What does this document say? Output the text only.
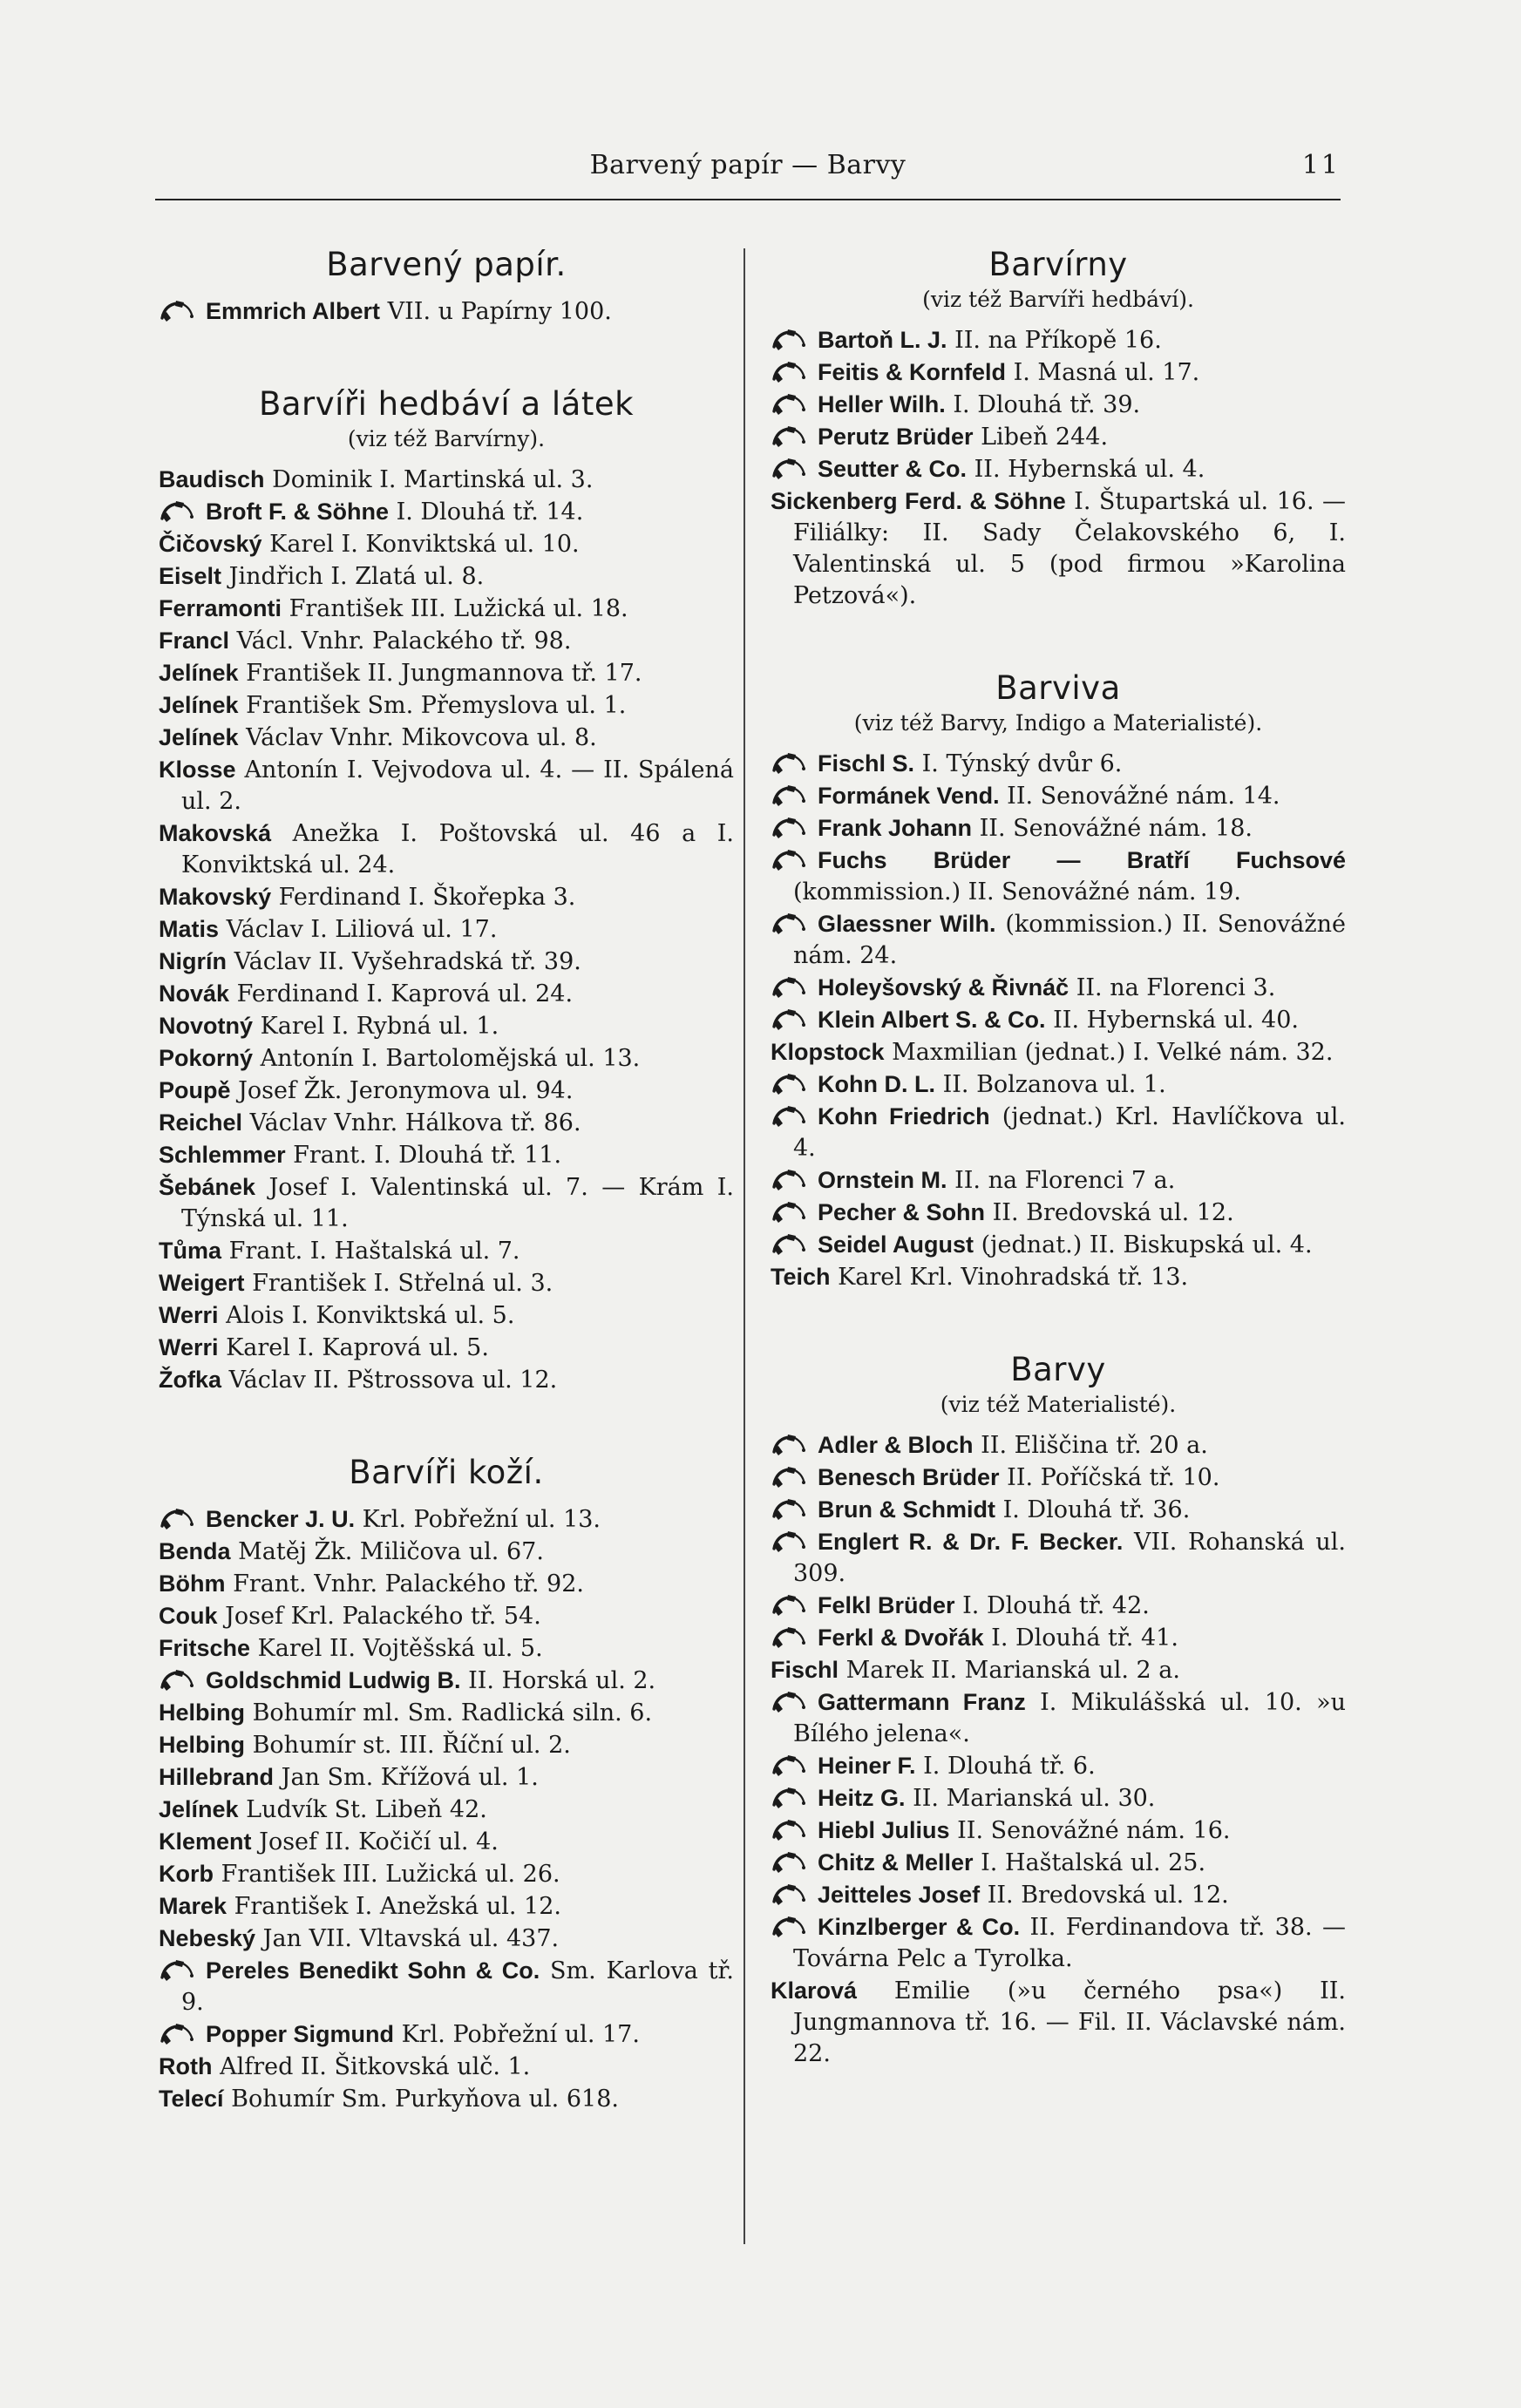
Barvený papír — Barvy	11
Barvený papír.
Emmrich Albert VII. u Papírny 100.
Barvíři hedbáví a látek
(viz též Barvírny).
Baudisch Dominik I. Martinská ul. 3.
Broft F. & Söhne I. Dlouhá tř. 14.
Čičovský Karel I. Konviktská ul. 10.
Eiselt Jindřich I. Zlatá ul. 8.
Ferramonti František III. Lužická ul. 18.
Francl Václ. Vnhr. Palackého tř. 98.
Jelínek František II. Jungmannova tř. 17.
Jelínek František Sm. Přemyslova ul. 1.
Jelínek Václav Vnhr. Mikovcova ul. 8.
Klosse Antonín I. Vejvodova ul. 4. — II. Spálená ul. 2.
Makovská Anežka I. Poštovská ul. 46 a I. Konviktská ul. 24.
Makovský Ferdinand I. Škořepka 3.
Matis Václav I. Liliová ul. 17.
Nigrín Václav II. Vyšehradská tř. 39.
Novák Ferdinand I. Kaprová ul. 24.
Novotný Karel I. Rybná ul. 1.
Pokorný Antonín I. Bartolomějská ul. 13.
Poupě Josef Žk. Jeronymova ul. 94.
Reichel Václav Vnhr. Hálkova tř. 86.
Schlemmer Frant. I. Dlouhá tř. 11.
Šebánek Josef I. Valentinská ul. 7. — Krám I. Týnská ul. 11.
Tůma Frant. I. Haštalská ul. 7.
Weigert František I. Střelná ul. 3.
Werri Alois I. Konviktská ul. 5.
Werri Karel I. Kaprová ul. 5.
Žofka Václav II. Pštrossova ul. 12.
Barvíři koží.
Bencker J. U. Krl. Pobřežní ul. 13.
Benda Matěj Žk. Miličova ul. 67.
Böhm Frant. Vnhr. Palackého tř. 92.
Couk Josef Krl. Palackého tř. 54.
Fritsche Karel II. Vojtěšská ul. 5.
Goldschmid Ludwig B. II. Horská ul. 2.
Helbing Bohumír ml. Sm. Radlická siln. 6.
Helbing Bohumír st. III. Říční ul. 2.
Hillebrand Jan Sm. Křížová ul. 1.
Jelínek Ludvík St. Libeň 42.
Klement Josef II. Kočičí ul. 4.
Korb František III. Lužická ul. 26.
Marek František I. Anežská ul. 12.
Nebeský Jan VII. Vltavská ul. 437.
Pereles Benedikt Sohn & Co. Sm. Karlova tř. 9.
Popper Sigmund Krl. Pobřežní ul. 17.
Roth Alfred II. Šitkovská ulč. 1.
Telecí Bohumír Sm. Purkyňova ul. 618.
Barvírny
(viz též Barvíři hedbáví).
Bartoň L. J. II. na Příkopě 16.
Feitis & Kornfeld I. Masná ul. 17.
Heller Wilh. I. Dlouhá tř. 39.
Perutz Brüder Libeň 244.
Seutter & Co. II. Hybernská ul. 4.
Sickenberg Ferd. & Söhne I. Štupartská ul. 16. — Filiálky: II. Sady Čelakovského 6, I. Valentinská ul. 5 (pod firmou »Karolina Petzová«).
Barviva
(viz též Barvy, Indigo a Materialisté).
Fischl S. I. Týnský dvůr 6.
Formánek Vend. II. Senovážné nám. 14.
Frank Johann II. Senovážné nám. 18.
Fuchs Brüder — Bratří Fuchsové (kommission.) II. Senovážné nám. 19.
Glaessner Wilh. (kommission.) II. Senovážné nám. 24.
Holeyšovský & Řivnáč II. na Florenci 3.
Klein Albert S. & Co. II. Hybernská ul. 40.
Klopstock Maxmilian (jednat.) I. Velké nám. 32.
Kohn D. L. II. Bolzanova ul. 1.
Kohn Friedrich (jednat.) Krl. Havlíčkova ul. 4.
Ornstein M. II. na Florenci 7 a.
Pecher & Sohn II. Bredovská ul. 12.
Seidel August (jednat.) II. Biskupská ul. 4.
Teich Karel Krl. Vinohradská tř. 13.
Barvy
(viz též Materialisté).
Adler & Bloch II. Eliščina tř. 20 a.
Benesch Brüder II. Poříčská tř. 10.
Brun & Schmidt I. Dlouhá tř. 36.
Englert R. & Dr. F. Becker. VII. Rohanská ul. 309.
Felkl Brüder I. Dlouhá tř. 42.
Ferkl & Dvořák I. Dlouhá tř. 41.
Fischl Marek II. Marianská ul. 2 a.
Gattermann Franz I. Mikulášská ul. 10. »u Bílého jelena«.
Heiner F. I. Dlouhá tř. 6.
Heitz G. II. Marianská ul. 30.
Hiebl Julius II. Senovážné nám. 16.
Chitz & Meller I. Haštalská ul. 25.
Jeitteles Josef II. Bredovská ul. 12.
Kinzlberger & Co. II. Ferdinandova tř. 38. — Továrna Pelc a Tyrolka.
Klarová Emilie (»u černého psa«) II. Jungmannova tř. 16. — Fil. II. Václavské nám. 22.
